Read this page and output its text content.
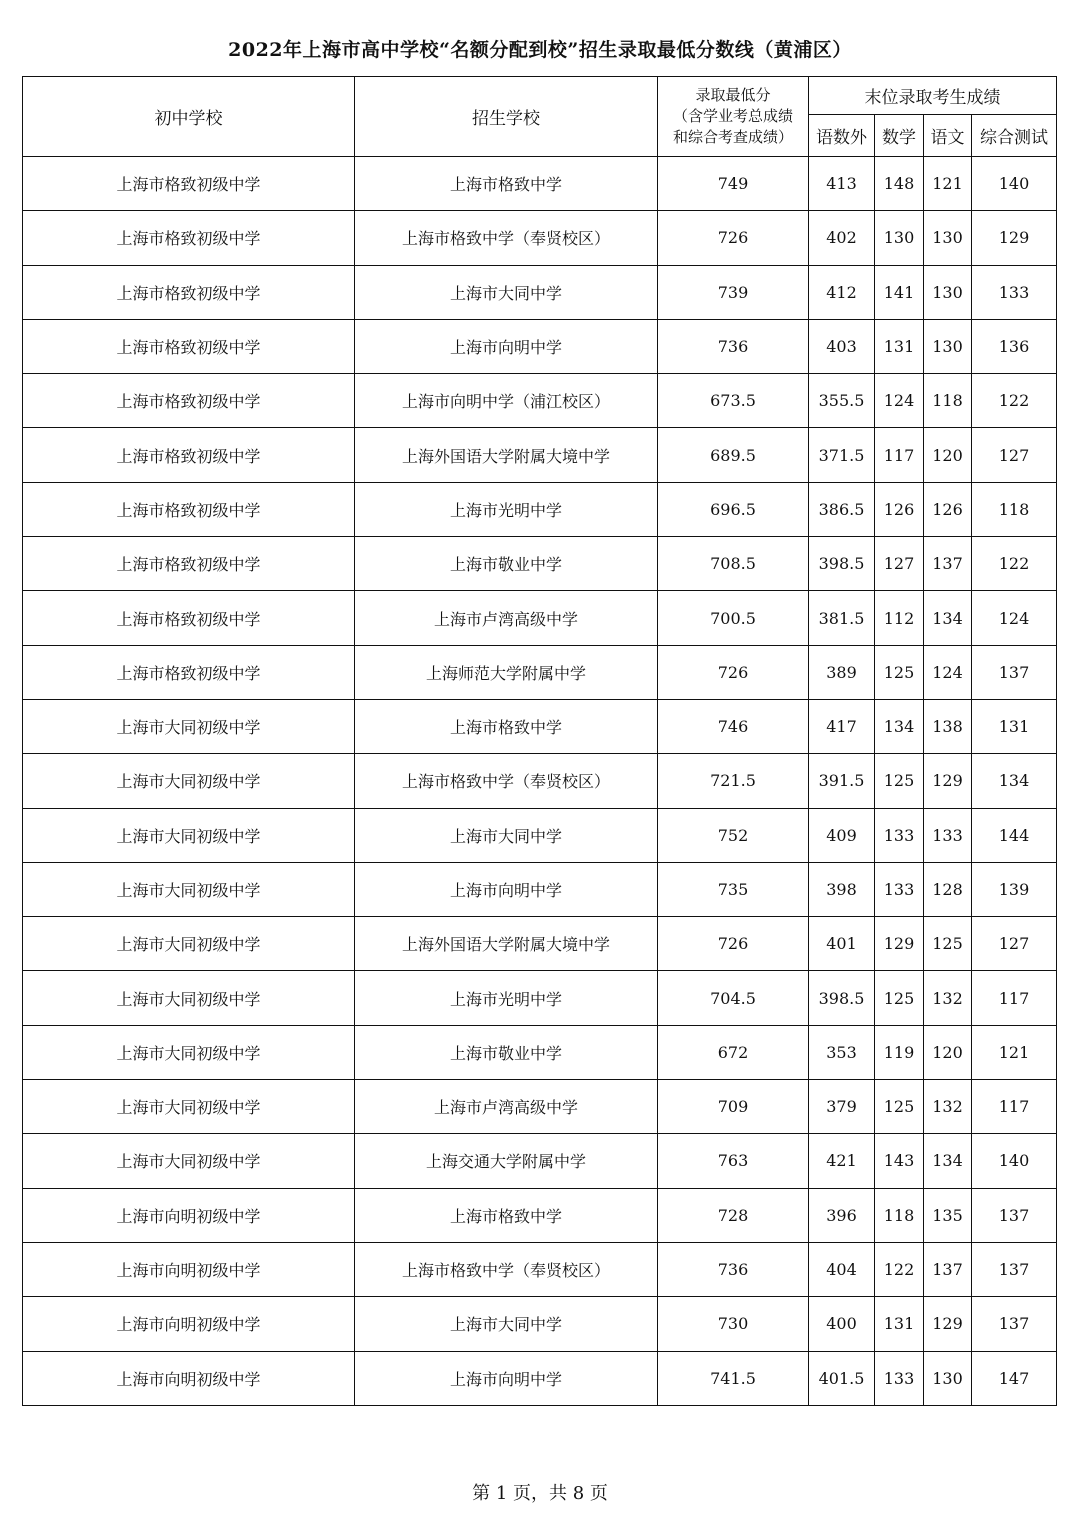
2022年上海市高中学校“名额分配到校”招生录取最低分数线（黄浦区）
初中学校	招生学校	录取最低分
（含学业考总成绩
和综合考查成绩）	末位录取考生成绩			
			语数外	数学	语文	综合测试
上海市格致初级中学	上海市格致中学	749	413	148	121	140
上海市格致初级中学	上海市格致中学（奉贤校区）	726	402	130	130	129
上海市格致初级中学	上海市大同中学	739	412	141	130	133
上海市格致初级中学	上海市向明中学	736	403	131	130	136
上海市格致初级中学	上海市向明中学（浦江校区）	673.5	355.5	124	118	122
上海市格致初级中学	上海外国语大学附属大境中学	689.5	371.5	117	120	127
上海市格致初级中学	上海市光明中学	696.5	386.5	126	126	118
上海市格致初级中学	上海市敬业中学	708.5	398.5	127	137	122
上海市格致初级中学	上海市卢湾高级中学	700.5	381.5	112	134	124
上海市格致初级中学	上海师范大学附属中学	726	389	125	124	137
上海市大同初级中学	上海市格致中学	746	417	134	138	131
上海市大同初级中学	上海市格致中学（奉贤校区）	721.5	391.5	125	129	134
上海市大同初级中学	上海市大同中学	752	409	133	133	144
上海市大同初级中学	上海市向明中学	735	398	133	128	139
上海市大同初级中学	上海外国语大学附属大境中学	726	401	129	125	127
上海市大同初级中学	上海市光明中学	704.5	398.5	125	132	117
上海市大同初级中学	上海市敬业中学	672	353	119	120	121
上海市大同初级中学	上海市卢湾高级中学	709	379	125	132	117
上海市大同初级中学	上海交通大学附属中学	763	421	143	134	140
上海市向明初级中学	上海市格致中学	728	396	118	135	137
上海市向明初级中学	上海市格致中学（奉贤校区）	736	404	122	137	137
上海市向明初级中学	上海市大同中学	730	400	131	129	137
上海市向明初级中学	上海市向明中学	741.5	401.5	133	130	147
第 1 页，共 8 页
